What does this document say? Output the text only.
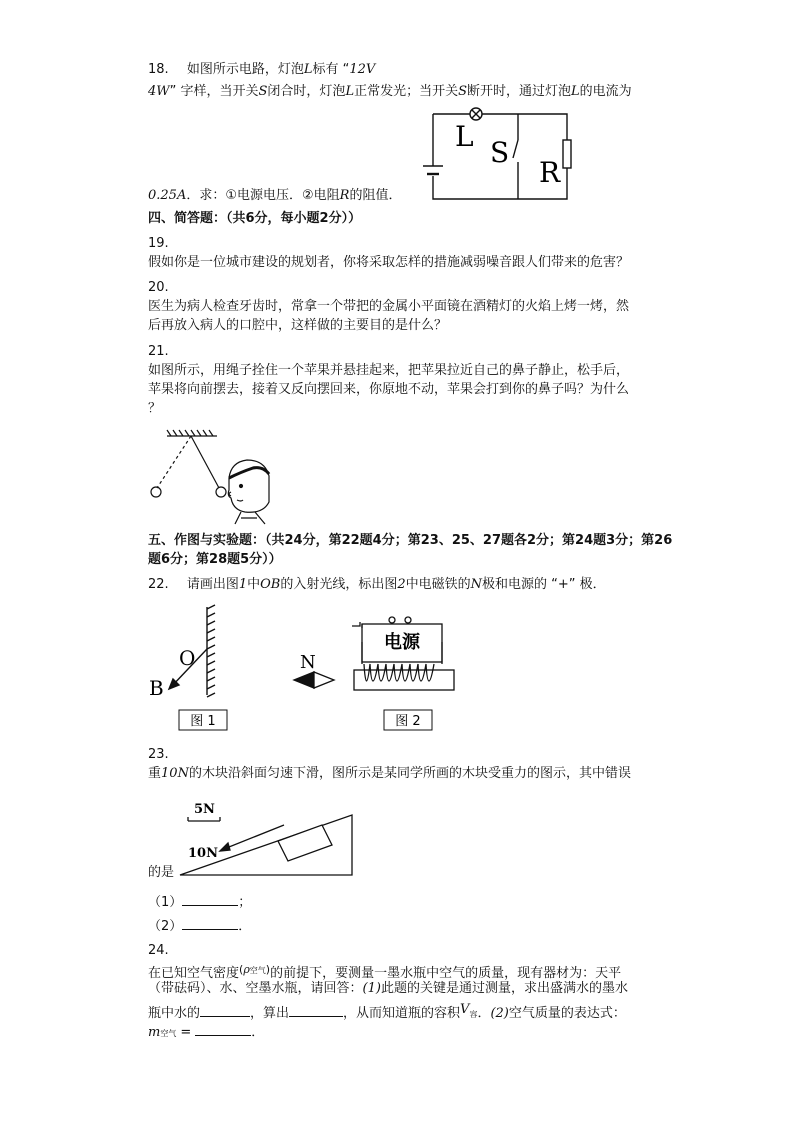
18. 如图所示电路，灯泡L标有 “12V
4W” 字样，当开关S闭合时，灯泡L正常发光；当开关S断开时，通过灯泡L的电流为
L S
R
0.25A．求：①电源电压．②电阻R的阻值．
四、简答题：（共6分，每小题2分））
19.
假如你是一位城市建设的规划者，你将采取怎样的措施减弱噪音跟人们带来的危害？
20.
医生为病人检查牙齿时，常拿一个带把的金属小平面镜在酒精灯的火焰上烤一烤，然
后再放入病人的口腔中，这样做的主要目的是什么？
21.
如图所示，用绳子拴住一个苹果并悬挂起来，把苹果拉近自己的鼻子静止，松手后，
苹果将向前摆去，接着又反向摆回来，你原地不动，苹果会打到你的鼻子吗？为什么
？
五、作图与实验题：（共24分，第22题4分；第23、25、27题各2分；第24题3分；第26
题6分；第28题5分））
22. 请画出图1中OB的入射光线，标出图2中电磁铁的N极和电源的 “+” 极．
O
B
图 1
电源
N
图 2
23.
重10N的木块沿斜面匀速下滑，图所示是某同学所画的木块受重力的图示，其中错误
5N
10N
的是
（1）	；
（2）	．
24.
在已知空气密度$^{(\rho 空气)}$的前提下，要测量一墨水瓶中空气的质量，现有器材为：天平
（带砝码）、水、空墨水瓶，请回答：(1)此题的关键是通过测量，求出盛满水的墨水
瓶中水的	，算出	，从而知道瓶的容积V容．(2)空气质量的表达式：
m空气 =	．
